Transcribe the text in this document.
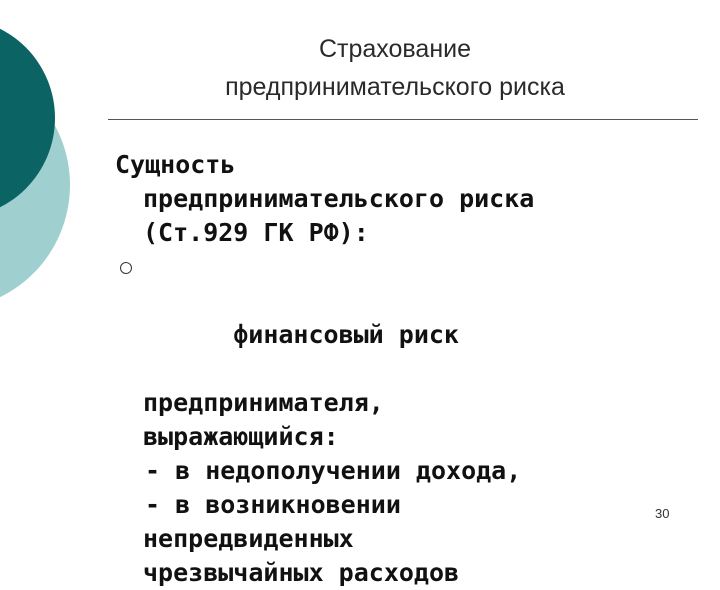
Страхование
предпринимательского риска
Сущность
предпринимательского риска
(Ст.929 ГК РФ):

финансовый риск

предпринимателя,
выражающийся:
- в недополучении дохода,
- в возникновении
непредвиденных
чрезвычайных расходов
30
